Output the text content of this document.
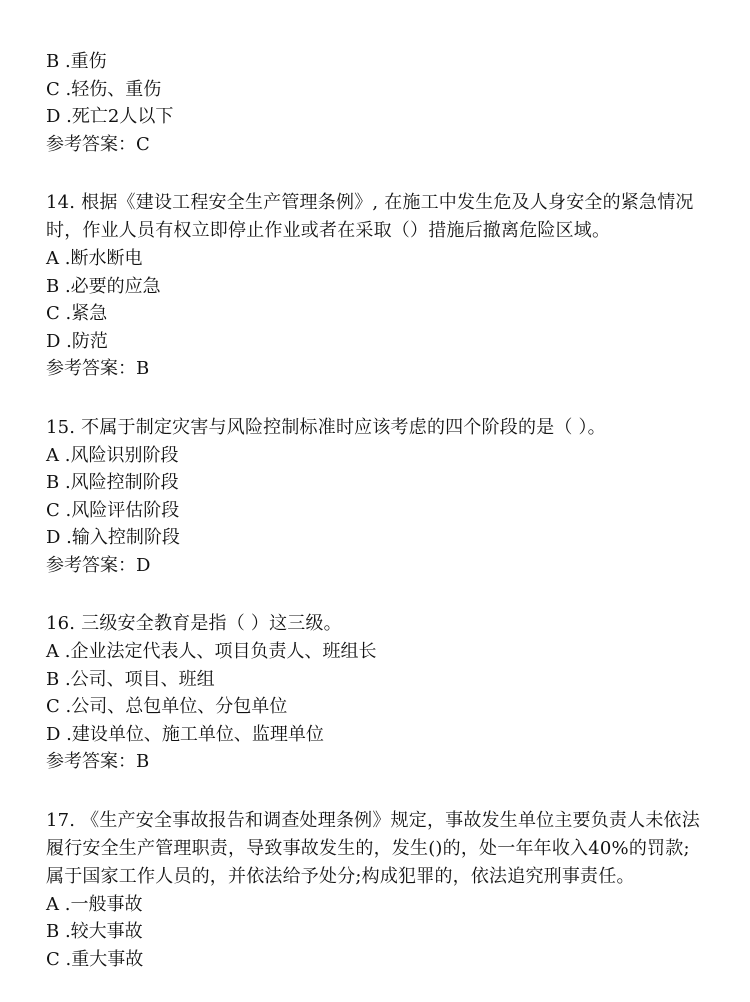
B .重伤
C .轻伤、重伤
D .死亡2人以下
参考答案：C
14. 根据《建设工程安全生产管理条例》, 在施工中发生危及人身安全的紧急情况时，作业人员有权立即停止作业或者在采取（）措施后撤离危险区域。
A .断水断电
B .必要的应急
C .紧急
D .防范
参考答案：B
15. 不属于制定灾害与风险控制标准时应该考虑的四个阶段的是（ ）。
A .风险识别阶段
B .风险控制阶段
C .风险评估阶段
D .输入控制阶段
参考答案：D
16. 三级安全教育是指（ ）这三级。
A .企业法定代表人、项目负责人、班组长
B .公司、项目、班组
C .公司、总包单位、分包单位
D .建设单位、施工单位、监理单位
参考答案：B
17. 《生产安全事故报告和调查处理条例》规定，事故发生单位主要负责人未依法履行安全生产管理职责，导致事故发生的，发生()的，处一年年收入40%的罚款;属于国家工作人员的，并依法给予处分;构成犯罪的，依法追究刑事责任。
A .一般事故
B .较大事故
C .重大事故
